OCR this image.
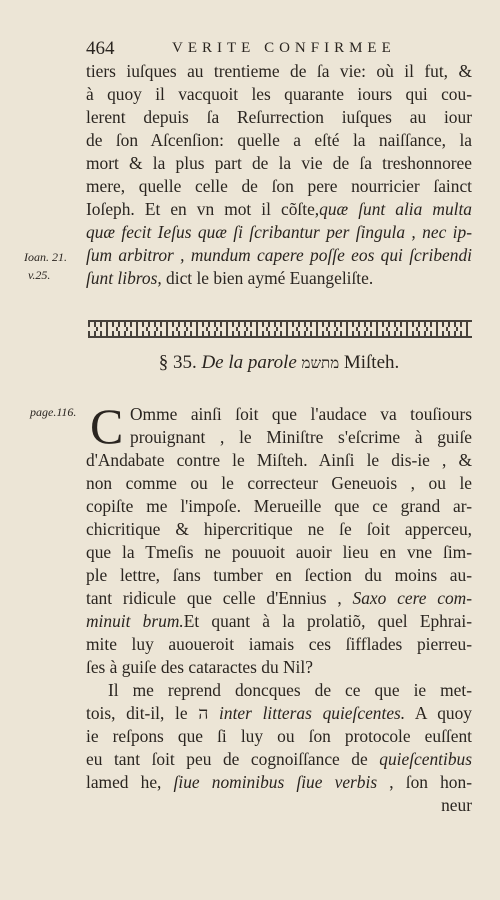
464	VERITE CONFIRMEE
tiers iuſques au trentieme de ſa vie: où il fut, &
à quoy il vacquoit les quarante iours qui cou-
lerent depuis ſa Reſurrection iuſques au iour
de ſon Aſcenſion: quelle a eſté la naiſſance, la
mort & la plus part de la vie de ſa treshonnoree
mere, quelle celle de ſon pere nourricier ſainct
Ioſeph. Et en vn mot il cõſte,quæ ſunt alia multa
quæ fecit Ieſus quæ ſi ſcribantur per ſingula , nec ip-
ſum arbitror , mundum capere poſſe eos qui ſcribendi
ſunt libros, dict le bien aymé Euangeliſte.
Ioan. 21.
v.25.
§ 35. De la parole מתשמ Miſteh.
page.116. C Omme ainſi ſoit que l'audace va touſiours
prouignant , le Miniſtre s'eſcrime à guiſe
d'Andabate contre le Miſteh. Ainſi le dis-ie , &
non comme ou le correcteur Geneuois , ou le
copiſte me l'impoſe. Merueille que ce grand ar-
chicritique & hipercritique ne ſe ſoit apperceu,
que la Tmeſis ne pouuoit auoir lieu en vne ſim-
ple lettre, ſans tumber en ſection du moins au-
tant ridicule que celle d'Ennius , Saxo cere com-
minuit brum.Et quant à la prolatiõ, quel Ephrai-
mite luy auoueroit iamais ces ſifflades pierreu-
ſes à guiſe des cataractes du Nil?
Il me reprend doncques de ce que ie met-
tois, dit-il, le ה inter litteras quieſcentes. A quoy
ie reſpons que ſi luy ou ſon protocole euſſent
eu tant ſoit peu de cognoiſſance de quieſcentibus
lamed he, ſiue nominibus ſiue verbis , ſon hon-
neur
